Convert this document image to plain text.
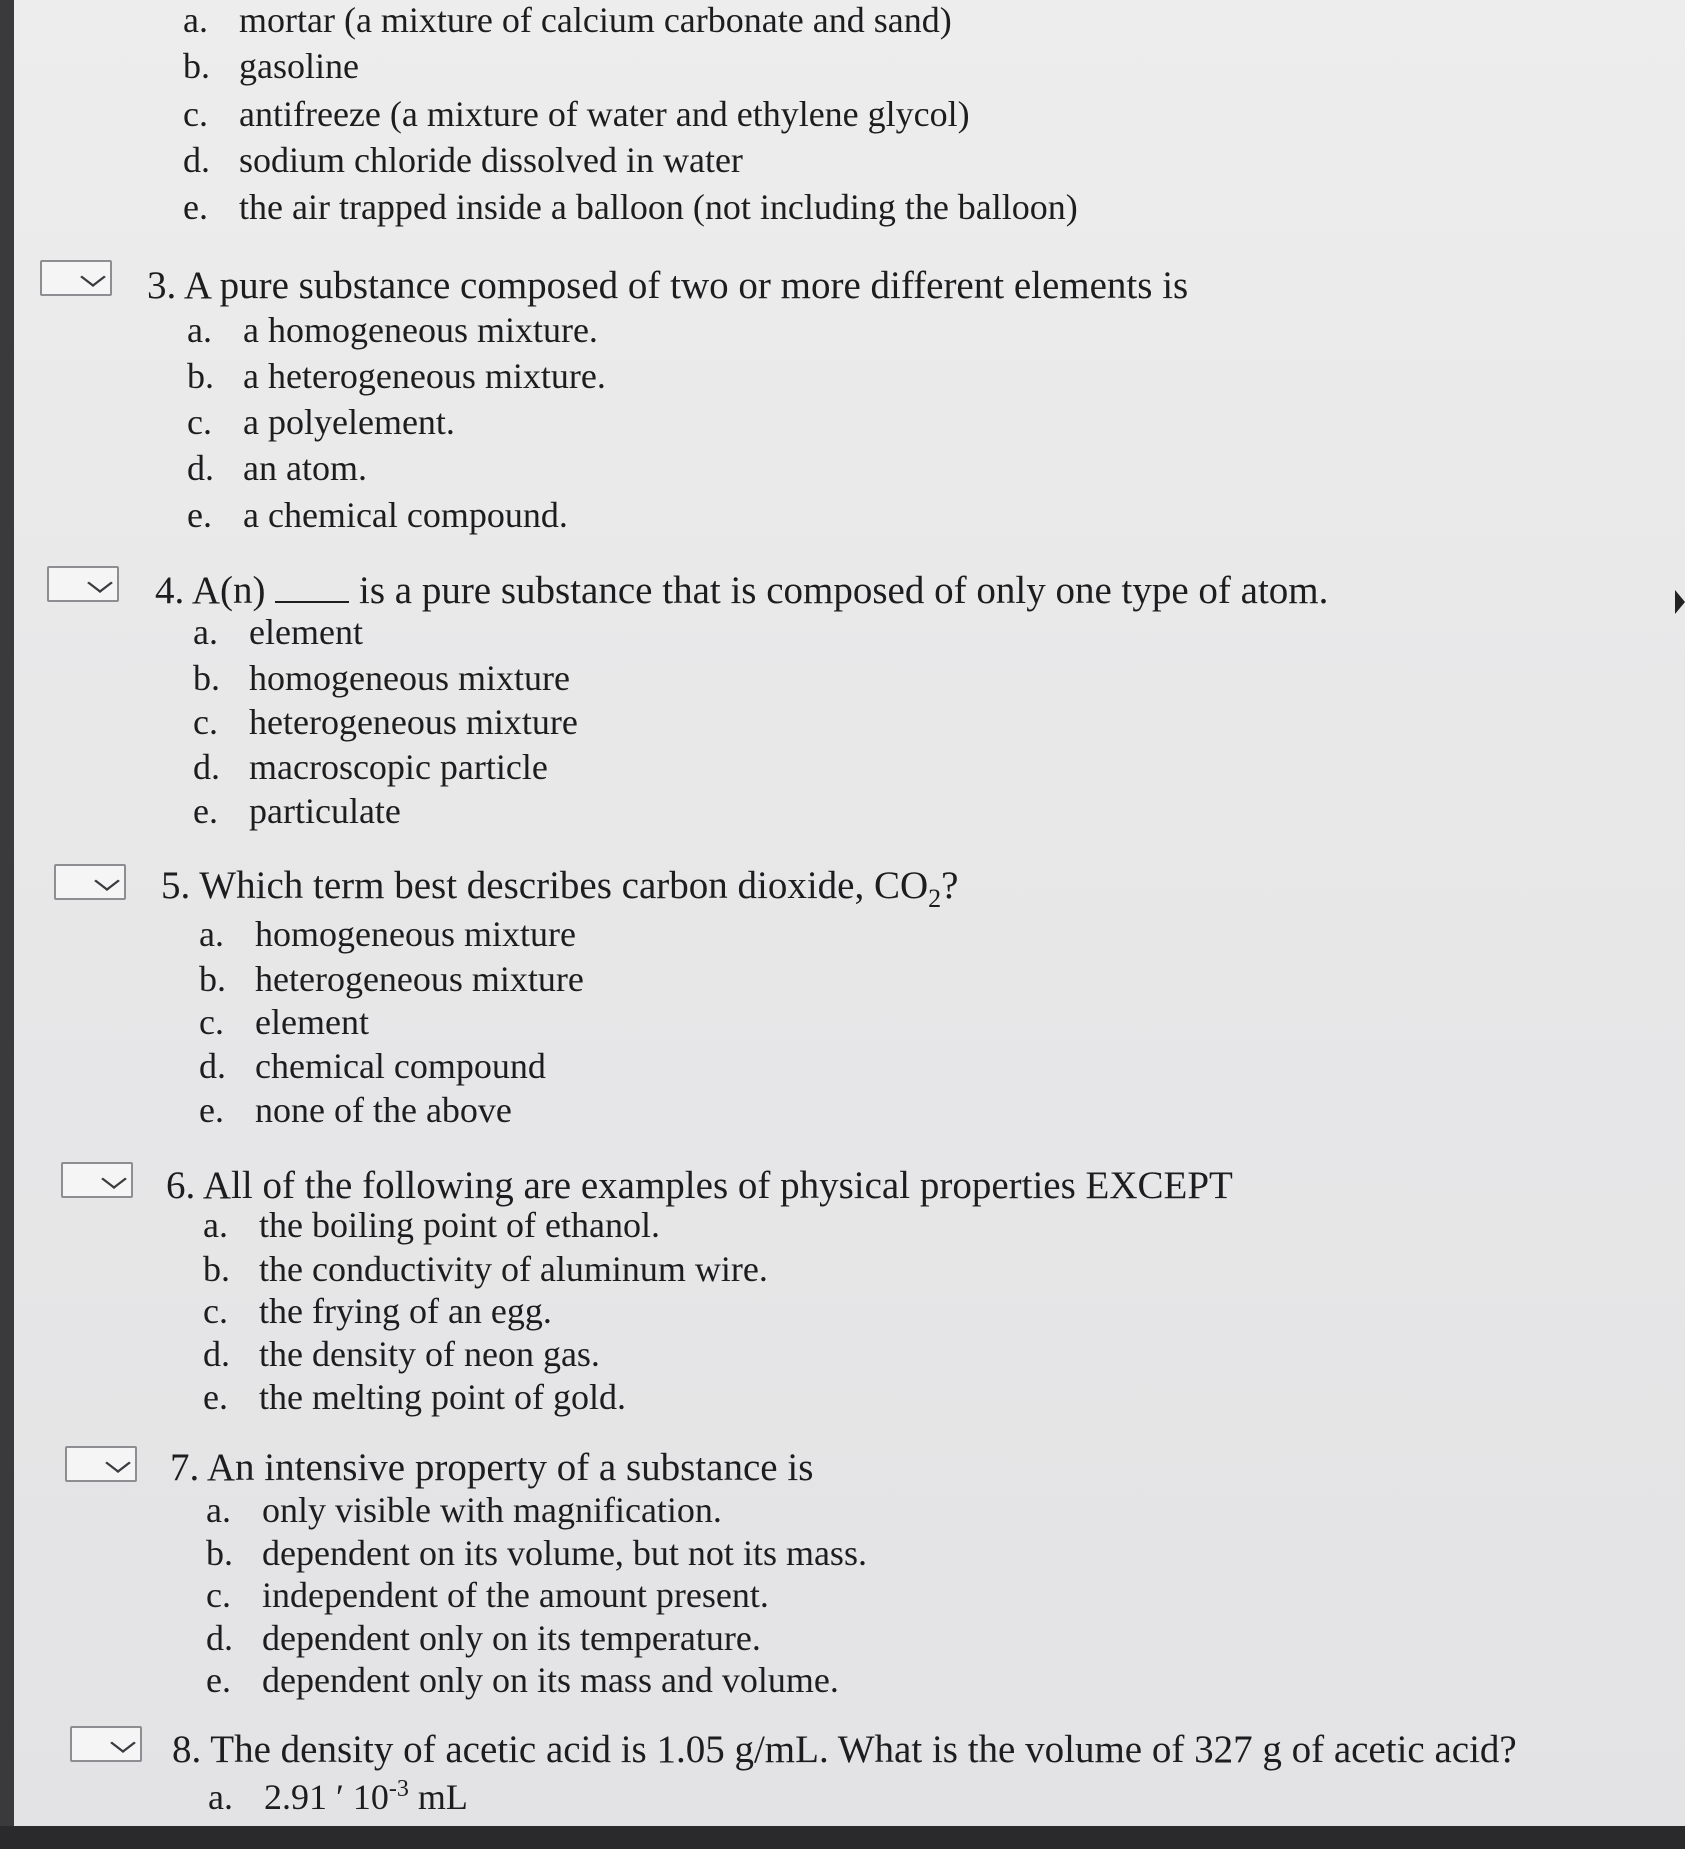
a. mortar (a mixture of calcium carbonate and sand)
b. gasoline
c. antifreeze (a mixture of water and ethylene glycol)
d. sodium chloride dissolved in water
e. the air trapped inside a balloon (not including the balloon)
3. A pure substance composed of two or more different elements is
a. a homogeneous mixture.
b. a heterogeneous mixture.
c. a polyelement.
d. an atom.
e. a chemical compound.
4. A(n) is a pure substance that is composed of only one type of atom.
a. element
b. homogeneous mixture
c. heterogeneous mixture
d. macroscopic particle
e. particulate
5. Which term best describes carbon dioxide, $CO_2$?
a. homogeneous mixture
b. heterogeneous mixture
c. element
d. chemical compound
e. none of the above
6. All of the following are examples of physical properties EXCEPT
a. the boiling point of ethanol.
b. the conductivity of aluminum wire.
c. the frying of an egg.
d. the density of neon gas.
e. the melting point of gold.
7. An intensive property of a substance is
a. only visible with magnification.
b. dependent on its volume, but not its mass.
c. independent of the amount present.
d. dependent only on its temperature.
e. dependent only on its mass and volume.
8. The density of acetic acid is 1.05 g/mL. What is the volume of 327 g of acetic acid?
a. 2.91 ′ $10^{-3}$ mL
